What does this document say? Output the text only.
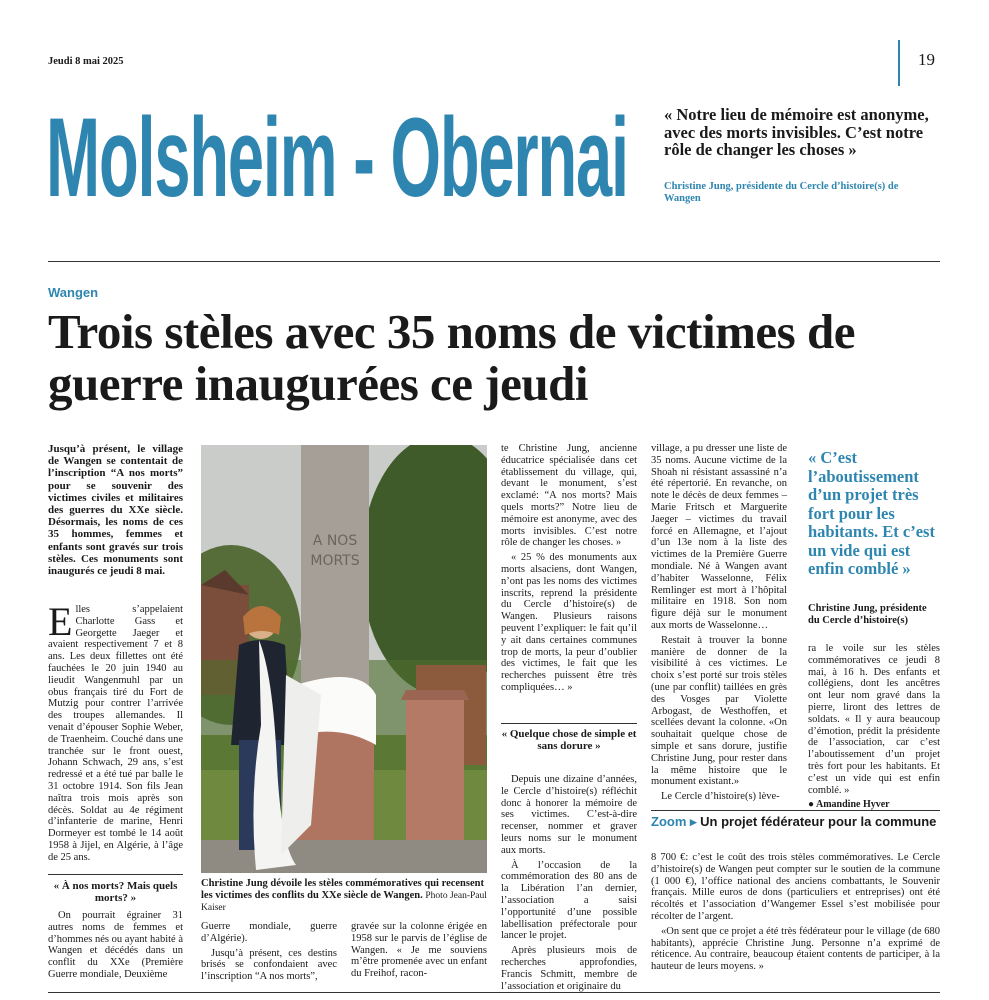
Jeudi 8 mai 2025	19
Molsheim - Obernai « Notre lieu de mémoire est anonyme, avec des morts invisibles. C’est notre rôle de changer les choses »
Christine Jung, présidente du Cercle d’histoire(s) de Wangen
Wangen
Trois stèles avec 35 noms de victimes de guerre inaugurées ce jeudi
Jusqu’à présent, le village de Wangen se contentait de l’inscription “A nos morts” pour se souvenir des victimes civiles et militaires des guerres du XXe siècle. Désormais, les noms de ces 35 hommes, femmes et enfants sont gravés sur trois stèles. Ces monuments sont inaugurés ce jeudi 8 mai.

Elles s’appelaient Charlotte Gass et Georgette Jaeger et avaient respectivement 7 et 8 ans. Les deux fillettes ont été fauchées le 20 juin 1940 au lieudit Wangenmuhl par un obus français tiré du Fort de Mutzig pour contrer l’arrivée des troupes allemandes. Il venait d’épouser Sophie Weber, de Traenheim. Couché dans une tranchée sur le front ouest, Johann Schwach, 29 ans, s’est redressé et a été tué par balle le 31 octobre 1914. Son fils Jean naîtra trois mois après son décès. Soldat au 4e régiment d’infanterie de marine, Henri Dormeyer est tombé le 14 août 1958 à Jijel, en Algérie, à l’âge de 25 ans.

« À nos morts? Mais quels morts? »

On pourrait égrainer 31 autres noms de femmes et d’hommes nés ou ayant habité à Wangen et décédés dans un conflit du XXe (Première Guerre mondiale, Deuxième

A NOS
MORTS
Christine Jung dévoile les stèles commémoratives qui recensent les victimes des conflits du XXe siècle de Wangen. Photo Jean-Paul Kaiser

Guerre mondiale, guerre d’Algérie).

Jusqu’à présent, ces destins brisés se confondaient avec l’inscription “A nos morts”,

gravée sur la colonne érigée en 1958 sur le parvis de l’église de Wangen. « Je me souviens m’être promenée avec un enfant du Freihof, racon-

te Christine Jung, ancienne éducatrice spécialisée dans cet établissement du village, qui, devant le monument, s’est exclamé: “A nos morts? Mais quels morts?” Notre lieu de mémoire est anonyme, avec des morts invisibles. C’est notre rôle de changer les choses. »

« 25 % des monuments aux morts alsaciens, dont Wangen, n’ont pas les noms des victimes inscrits, reprend la présidente du Cercle d’histoire(s) de Wangen. Plusieurs raisons peuvent l’expliquer: le fait qu’il y ait dans certaines communes trop de morts, la peur d’oublier des victimes, le fait que les recherches puissent être très compliquées… »

« Quelque chose de simple et sans dorure »

Depuis une dizaine d’années, le Cercle d’histoire(s) réfléchit donc à honorer la mémoire de ses victimes. C’est-à-dire recenser, nommer et graver leurs noms sur le monument aux morts.

À l’occasion de la commémoration des 80 ans de la Libération l’an dernier, l’association a saisi l’opportunité d’une possible labellisation préfectorale pour lancer le projet.

Après plusieurs mois de recherches approfondies, Francis Schmitt, membre de l’association et originaire du

village, a pu dresser une liste de 35 noms. Aucune victime de la Shoah ni résistant assassiné n’a été répertorié. En revanche, on note le décès de deux femmes – Marie Fritsch et Marguerite Jaeger – victimes du travail forcé en Allemagne, et l’ajout d’un 13e nom à la liste des victimes de la Première Guerre mondiale. Né à Wangen avant d’habiter Wasselonne, Félix Remlinger est mort à l’hôpital militaire en 1918. Son nom figure déjà sur le monument aux morts de Wasselonne…

Restait à trouver la bonne manière de donner de la visibilité à ces victimes. Le choix s’est porté sur trois stèles (une par conflit) taillées en grès des Vosges par Violette Arbogast, de Westhoffen, et scellées devant la colonne. «On souhaitait quelque chose de simple et sans dorure, justifie Christine Jung, pour rester dans la même histoire que le monument existant.»

Le Cercle d’histoire(s) lève-

« C’est l’aboutissement d’un projet très fort pour les habitants. Et c’est un vide qui est enfin comblé »
Christine Jung, présidente du Cercle d’histoire(s)

ra le voile sur les stèles commémoratives ce jeudi 8 mai, à 16 h. Des enfants et collégiens, dont les ancêtres ont leur nom gravé dans la pierre, liront des lettres de soldats. « Il y aura beaucoup d’émotion, prédit la présidente de l’association, car c’est l’aboutissement d’un projet très fort pour les habitants. Et c’est un vide qui est enfin comblé. »

● Amandine Hyver

Zoom ▸ Un projet fédérateur pour la commune

8 700 €: c’est le coût des trois stèles commémoratives. Le Cercle d’histoire(s) de Wangen peut compter sur le soutien de la commune (1 000 €), l’office national des anciens combattants, le Souvenir français. Mille euros de dons (particuliers et entreprises) ont été récoltés et l’association d’Wangemer Essel s’est mobilisée pour récolter de l’argent.

«On sent que ce projet a été très fédérateur pour le village (de 680 habitants), apprécie Christine Jung. Personne n’a exprimé de réticence. Au contraire, beaucoup étaient contents de participer, à la hauteur de leurs moyens. »
